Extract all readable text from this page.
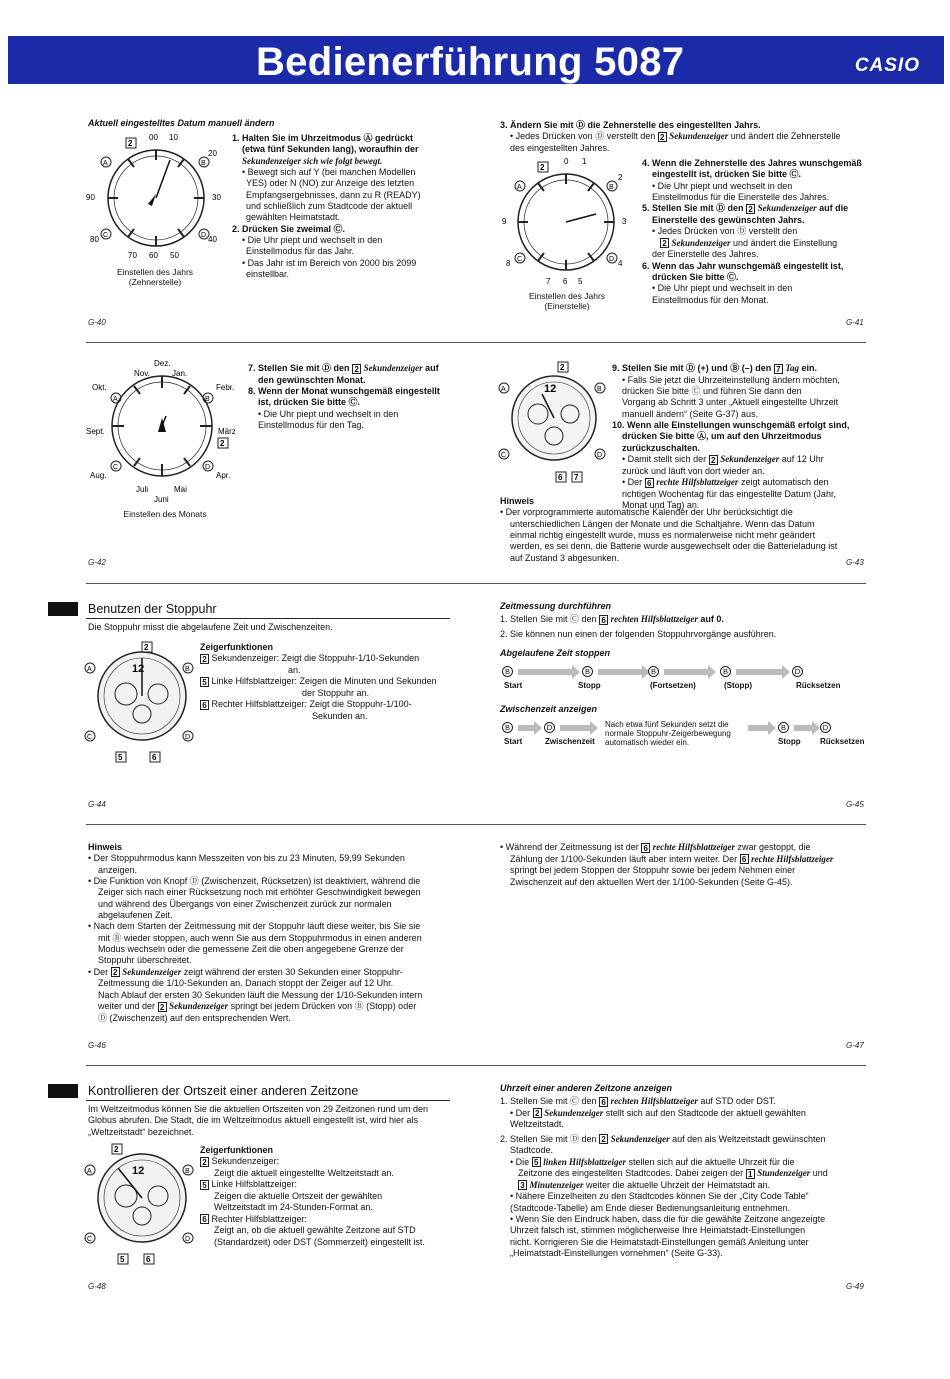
Bedienerführung 5087	CASIO
Aktuell eingestelltes Datum manuell ändern
2
00 10
20
30
40
50
60
70
80
90
A	B
C	D
Einstellen des Jahrs
(Zehnerstelle)
1. Halten Sie im Uhrzeitmodus Ⓐ gedrückt
(etwa fünf Sekunden lang), woraufhin der
Sekundenzeiger sich wie folgt bewegt.
• Bewegt sich auf Y (bei manchen Modellen
YES) oder N (NO) zur Anzeige des letzten
Empfangsergebnisses, dann zu R (READY)
und schließlich zum Stadtcode der aktuell
gewählten Heimatstadt.
2. Drücken Sie zweimal Ⓒ.
• Die Uhr piept und wechselt in den
Einstellmodus für das Jahr.
• Das Jahr ist im Bereich von 2000 bis 2099
einstellbar.
G-40
3. Ändern Sie mit Ⓓ die Zehnerstelle des eingestellten Jahrs.
• Jedes Drücken von Ⓓ verstellt den 2 Sekundenzeiger und ändert die Zehnerstelle
des eingestellten Jahres.
2
0 1
2
3
4
5
6
7
8
9
A	B
C	D
Einstellen des Jahrs
(Einerstelle)
4. Wenn die Zehnerstelle des Jahres wunschgemäß
eingestellt ist, drücken Sie bitte Ⓒ.
• Die Uhr piept und wechselt in den
Einstellmodus für die Einerstelle des Jahres.
5. Stellen Sie mit Ⓓ den 2 Sekundenzeiger auf die
Einerstelle des gewünschten Jahrs.
• Jedes Drücken von Ⓓ verstellt den
2 Sekundenzeiger und ändert die Einstellung
der Einerstelle des Jahres.
6. Wenn das Jahr wunschgemäß eingestellt ist,
drücken Sie bitte Ⓒ.
• Die Uhr piept und wechselt in den
Einstellmodus für den Monat.
G-41
Dez.
Jan.
Febr.
März
Apr.
Mai
Juni
Juli
Aug.
Sept.
Okt.
Nov.
2
A	B
C	D
Einstellen des Monats
7. Stellen Sie mit Ⓓ den 2 Sekundenzeiger auf
den gewünschten Monat.
8. Wenn der Monat wunschgemäß eingestellt
ist, drücken Sie bitte Ⓒ.
• Die Uhr piept und wechselt in den
Einstellmodus für den Tag.
G-42
12
2
6 7
A	B
C	D
9. Stellen Sie mit Ⓓ (+) und Ⓑ (–) den 7 Tag ein.
• Falls Sie jetzt die Uhrzeiteinstellung ändern möchten,
drücken Sie bitte Ⓒ und führen Sie dann den
Vorgang ab Schritt 3 unter „Aktuell eingestellte Uhrzeit
manuell ändern“ (Seite G-37) aus.
10. Wenn alle Einstellungen wunschgemäß erfolgt sind,
drücken Sie bitte Ⓐ, um auf den Uhrzeitmodus
zurückzuschalten.
• Damit stellt sich der 2 Sekundenzeiger auf 12 Uhr
zurück und läuft von dort wieder an.
• Der 6 rechte Hilfsblattzeiger zeigt automatisch den
richtigen Wochentag für das eingestellte Datum (Jahr,
Monat und Tag) an.
Hinweis
• Der vorprogrammierte automatische Kalender der Uhr berücksichtigt die
unterschiedlichen Längen der Monate und die Schaltjahre. Wenn das Datum
einmal richtig eingestellt wurde, muss es normalerweise nicht mehr geändert
werden, es sei denn, die Batterie wurde ausgewechselt oder die Batterieladung ist
auf Zustand 3 abgesunken.	G-43
Benutzen der Stoppuhr
Die Stoppuhr misst die abgelaufene Zeit und Zwischenzeiten.
12
2
5	6
A	B
C	D
Zeigerfunktionen
2 Sekundenzeiger: Zeigt die Stoppuhr-1/10-Sekunden
an.
5 Linke Hilfsblattzeiger: Zeigen die Minuten und Sekunden
der Stoppuhr an.
6 Rechter Hilfsblattzeiger: Zeigt die Stoppuhr-1/100-
Sekunden an.
G-44
Zeitmessung durchführen
1. Stellen Sie mit Ⓒ den 6 rechten Hilfsblattzeiger auf 0.
2. Sie können nun einen der folgenden Stoppuhrvorgänge ausführen.
Abgelaufene Zeit stoppen
B	B	B	B	D
Start	Stopp	(Fortsetzen)	(Stopp)	Rücksetzen
Zwischenzeit anzeigen
B	D	Nach etwa fünf Sekunden setzt die
normale Stoppuhr-Zeigerbewegung
automatisch wieder ein.
B	D
Start	Zwischenzeit	Stopp Rücksetzen
G-45
Hinweis
• Der Stoppuhrmodus kann Messzeiten von bis zu 23 Minuten, 59,99 Sekunden
anzeigen.
• Die Funktion von Knopf Ⓓ (Zwischenzeit, Rücksetzen) ist deaktiviert, während die
Zeiger sich nach einer Rücksetzung noch mit erhöhter Geschwindigkeit bewegen
und während des Übergangs von einer Zwischenzeit zurück zur normalen
abgelaufenen Zeit.
• Nach dem Starten der Zeitmessung mit der Stoppuhr läuft diese weiter, bis Sie sie
mit Ⓑ wieder stoppen, auch wenn Sie aus dem Stoppuhrmodus in einen anderen
Modus wechseln oder die gemessene Zeit die oben angegebene Grenze der
Stoppuhr überschreitet.
• Der 2 Sekundenzeiger zeigt während der ersten 30 Sekunden einer Stoppuhr-
Zeitmessung die 1/10-Sekunden an. Danach stoppt der Zeiger auf 12 Uhr.
Nach Ablauf der ersten 30 Sekunden läuft die Messung der 1/10-Sekunden intern
weiter und der 2 Sekundenzeiger springt bei jedem Drücken von Ⓑ (Stopp) oder
Ⓓ (Zwischenzeit) auf den entsprechenden Wert.
G-46
• Während der Zeitmessung ist der 6 rechte Hilfsblattzeiger zwar gestoppt, die
Zählung der 1/100-Sekunden läuft aber intern weiter. Der 6 rechte Hilfsblattzeiger
springt bei jedem Stoppen der Stoppuhr sowie bei jedem Nehmen einer
Zwischenzeit auf den aktuellen Wert der 1/100-Sekunden (Seite G-45).
G-47
Kontrollieren der Ortszeit einer anderen Zeitzone
Im Weltzeitmodus können Sie die aktuellen Ortszeiten von 29 Zeitzonen rund um den
Globus abrufen. Die Stadt, die im Weltzeitmodus aktuell eingestellt ist, wird hier als
„Weltzeitstadt“ bezeichnet.
12
2
5	6
A	B
C	D
Zeigerfunktionen
2 Sekundenzeiger:
Zeigt die aktuell eingestellte Weltzeitstadt an.
5 Linke Hilfsblattzeiger:
Zeigen die aktuelle Ortszeit der gewählten
Weltzeitstadt im 24-Stunden-Format an.
6 Rechter Hilfsblattzeiger:
Zeigt an, ob die aktuell gewählte Zeitzone auf STD
(Standardzeit) oder DST (Sommerzeit) eingestellt ist.
G-48
Uhrzeit einer anderen Zeitzone anzeigen
1. Stellen Sie mit Ⓒ den 6 rechten Hilfsblattzeiger auf STD oder DST.
• Der 2 Sekundenzeiger stellt sich auf den Stadtcode der aktuell gewählten
Weltzeitstadt.
2. Stellen Sie mit Ⓓ den 2 Sekundenzeiger auf den als Weltzeitstadt gewünschten
Stadtcode.
• Die 5 linken Hilfsblattzeiger stellen sich auf die aktuelle Uhrzeit für die
Zeitzone des eingestellten Stadtcodes. Dabei zeigen der 1 Stundenzeiger und
3 Minutenzeiger weiter die aktuelle Uhrzeit der Heimatstadt an.
• Nähere Einzelheiten zu den Stadtcodes können Sie der „City Code Table“
(Stadtcode-Tabelle) am Ende dieser Bedienungsanleitung entnehmen.
• Wenn Sie den Eindruck haben, dass die für die gewählte Zeitzone angezeigte
Uhrzeit falsch ist, stimmen möglicherweise Ihre Heimatstadt-Einstellungen
nicht. Korrigieren Sie die Heimatstadt-Einstellungen gemäß Anleitung unter
„Heimatstadt-Einstellungen vornehmen“ (Seite G-33).
G-49
